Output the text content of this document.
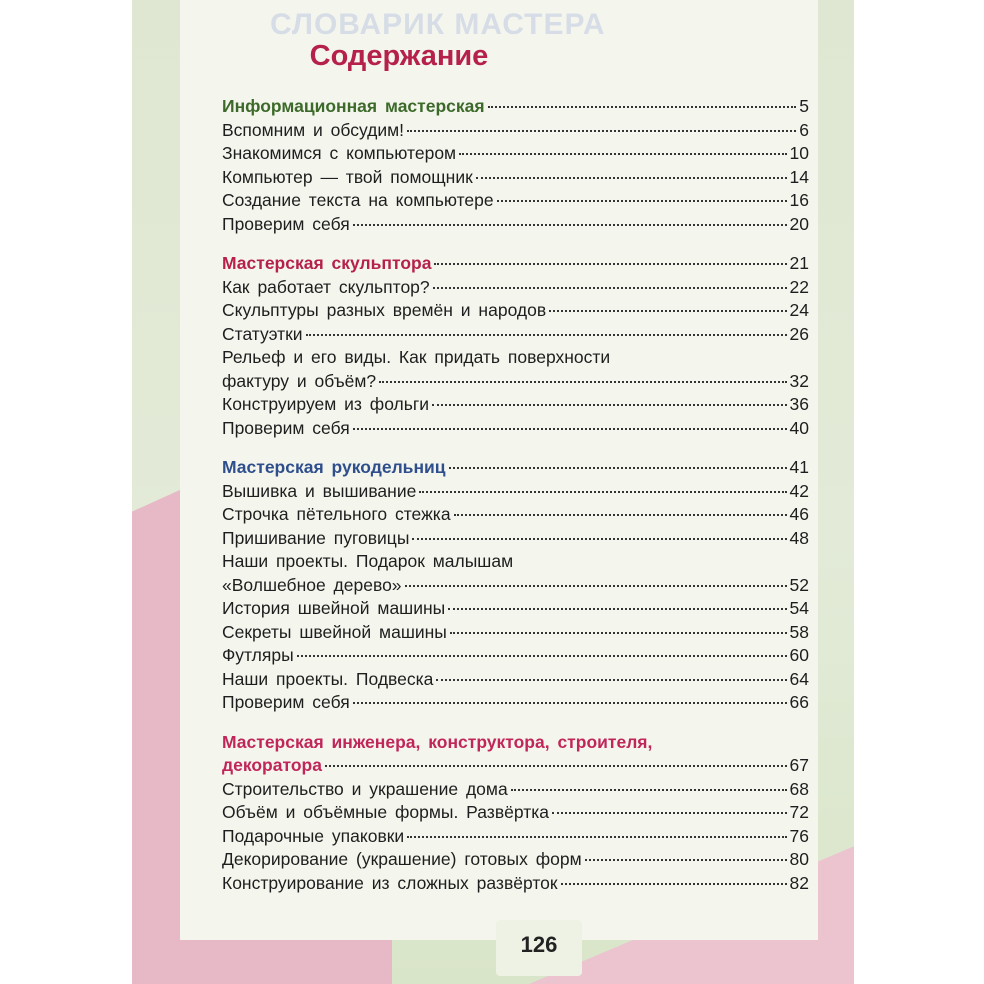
СЛОВАРИК МАСТЕРА
Содержание
Информационная мастерская	5
Вспомним и обсудим!	6
Знакомимся с компьютером	10
Компьютер — твой помощник	14
Создание текста на компьютере	16
Проверим себя	20
Мастерская скульптора	21
Как работает скульптор?	22
Скульптуры разных времён и народов	24
Статуэтки	26
Рельеф и его виды. Как придать поверхности
фактуру и объём?	32
Конструируем из фольги	36
Проверим себя	40
Мастерская рукодельниц	41
Вышивка и вышивание	42
Строчка пётельного стежка	46
Пришивание пуговицы	48
Наши проекты. Подарок малышам
«Волшебное дерево»	52
История швейной машины	54
Секреты швейной машины	58
Футляры	60
Наши проекты. Подвеска	64
Проверим себя	66
Мастерская инженера, конструктора, строителя,
декоратора	67
Строительство и украшение дома	68
Объём и объёмные формы. Развёртка	72
Подарочные упаковки	76
Декорирование (украшение) готовых форм	80
Конструирование из сложных развёрток	82
126
